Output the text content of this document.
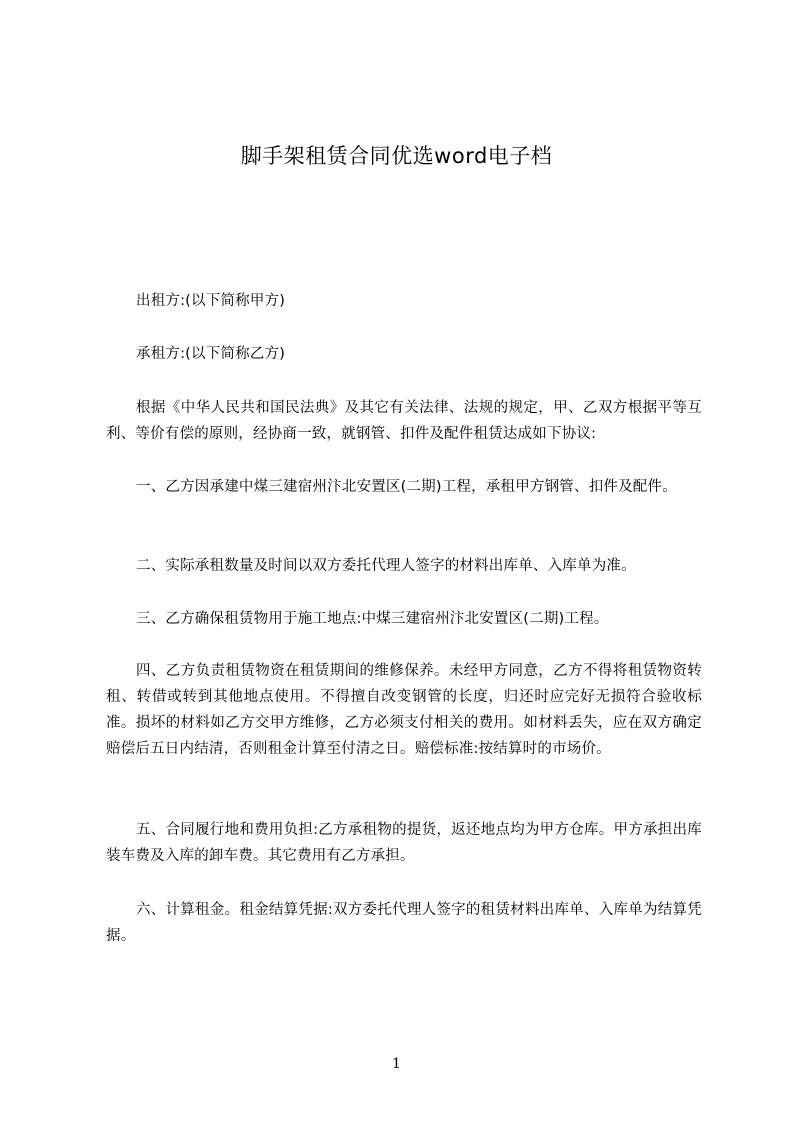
脚手架租赁合同优选word电子档
出租方:(以下简称甲方)
承租方:(以下简称乙方)
根据《中华人民共和国民法典》及其它有关法律、法规的规定，甲、乙双方根据平等互利、等价有偿的原则，经协商一致，就钢管、扣件及配件租赁达成如下协议:
一、乙方因承建中煤三建宿州汴北安置区(二期)工程，承租甲方钢管、扣件及配件。
二、实际承租数量及时间以双方委托代理人签字的材料出库单、入库单为准。
三、乙方确保租赁物用于施工地点:中煤三建宿州汴北安置区(二期)工程。
四、乙方负责租赁物资在租赁期间的维修保养。未经甲方同意，乙方不得将租赁物资转租、转借或转到其他地点使用。不得擅自改变钢管的长度，归还时应完好无损符合验收标准。损坏的材料如乙方交甲方维修，乙方必须支付相关的费用。如材料丢失，应在双方确定赔偿后五日内结清，否则租金计算至付清之日。赔偿标准:按结算时的市场价。
五、合同履行地和费用负担:乙方承租物的提货，返还地点均为甲方仓库。甲方承担出库装车费及入库的卸车费。其它费用有乙方承担。
六、计算租金。租金结算凭据:双方委托代理人签字的租赁材料出库单、入库单为结算凭据。
1
